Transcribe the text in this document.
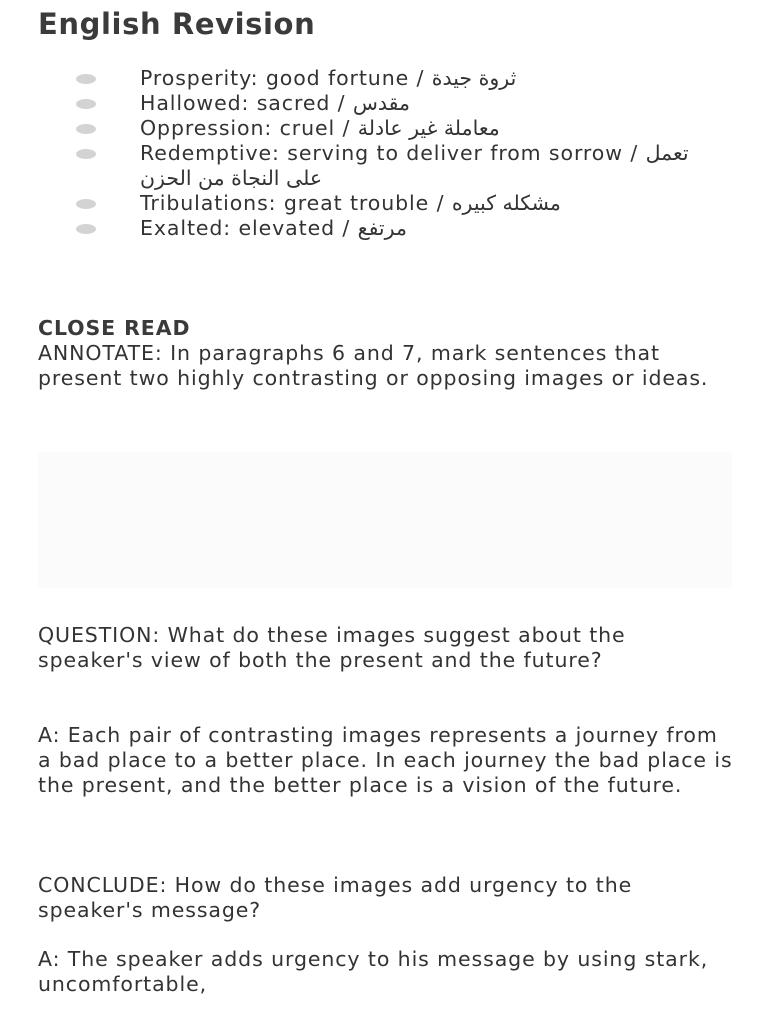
English Revision
Prosperity: good fortune / ثروة جيدة
Hallowed: sacred / مقدس
Oppression: cruel / معاملة غير عادلة
Redemptive: serving to deliver from sorrow / تعمل على النجاة من الحزن
Tribulations: great trouble / مشكله كبيره
Exalted: elevated / مرتفع
CLOSE READ
ANNOTATE: In paragraphs 6 and 7, mark sentences that present two highly contrasting or opposing images or ideas.

QUESTION: What do these images suggest about the speaker's view of both the present and the future?

A: Each pair of contrasting images represents a journey from a bad place to a better place. In each journey the bad place is the present, and the better place is a vision of the future.

CONCLUDE: How do these images add urgency to the speaker's message?

A: The speaker adds urgency to his message by using stark, uncomfortable,
